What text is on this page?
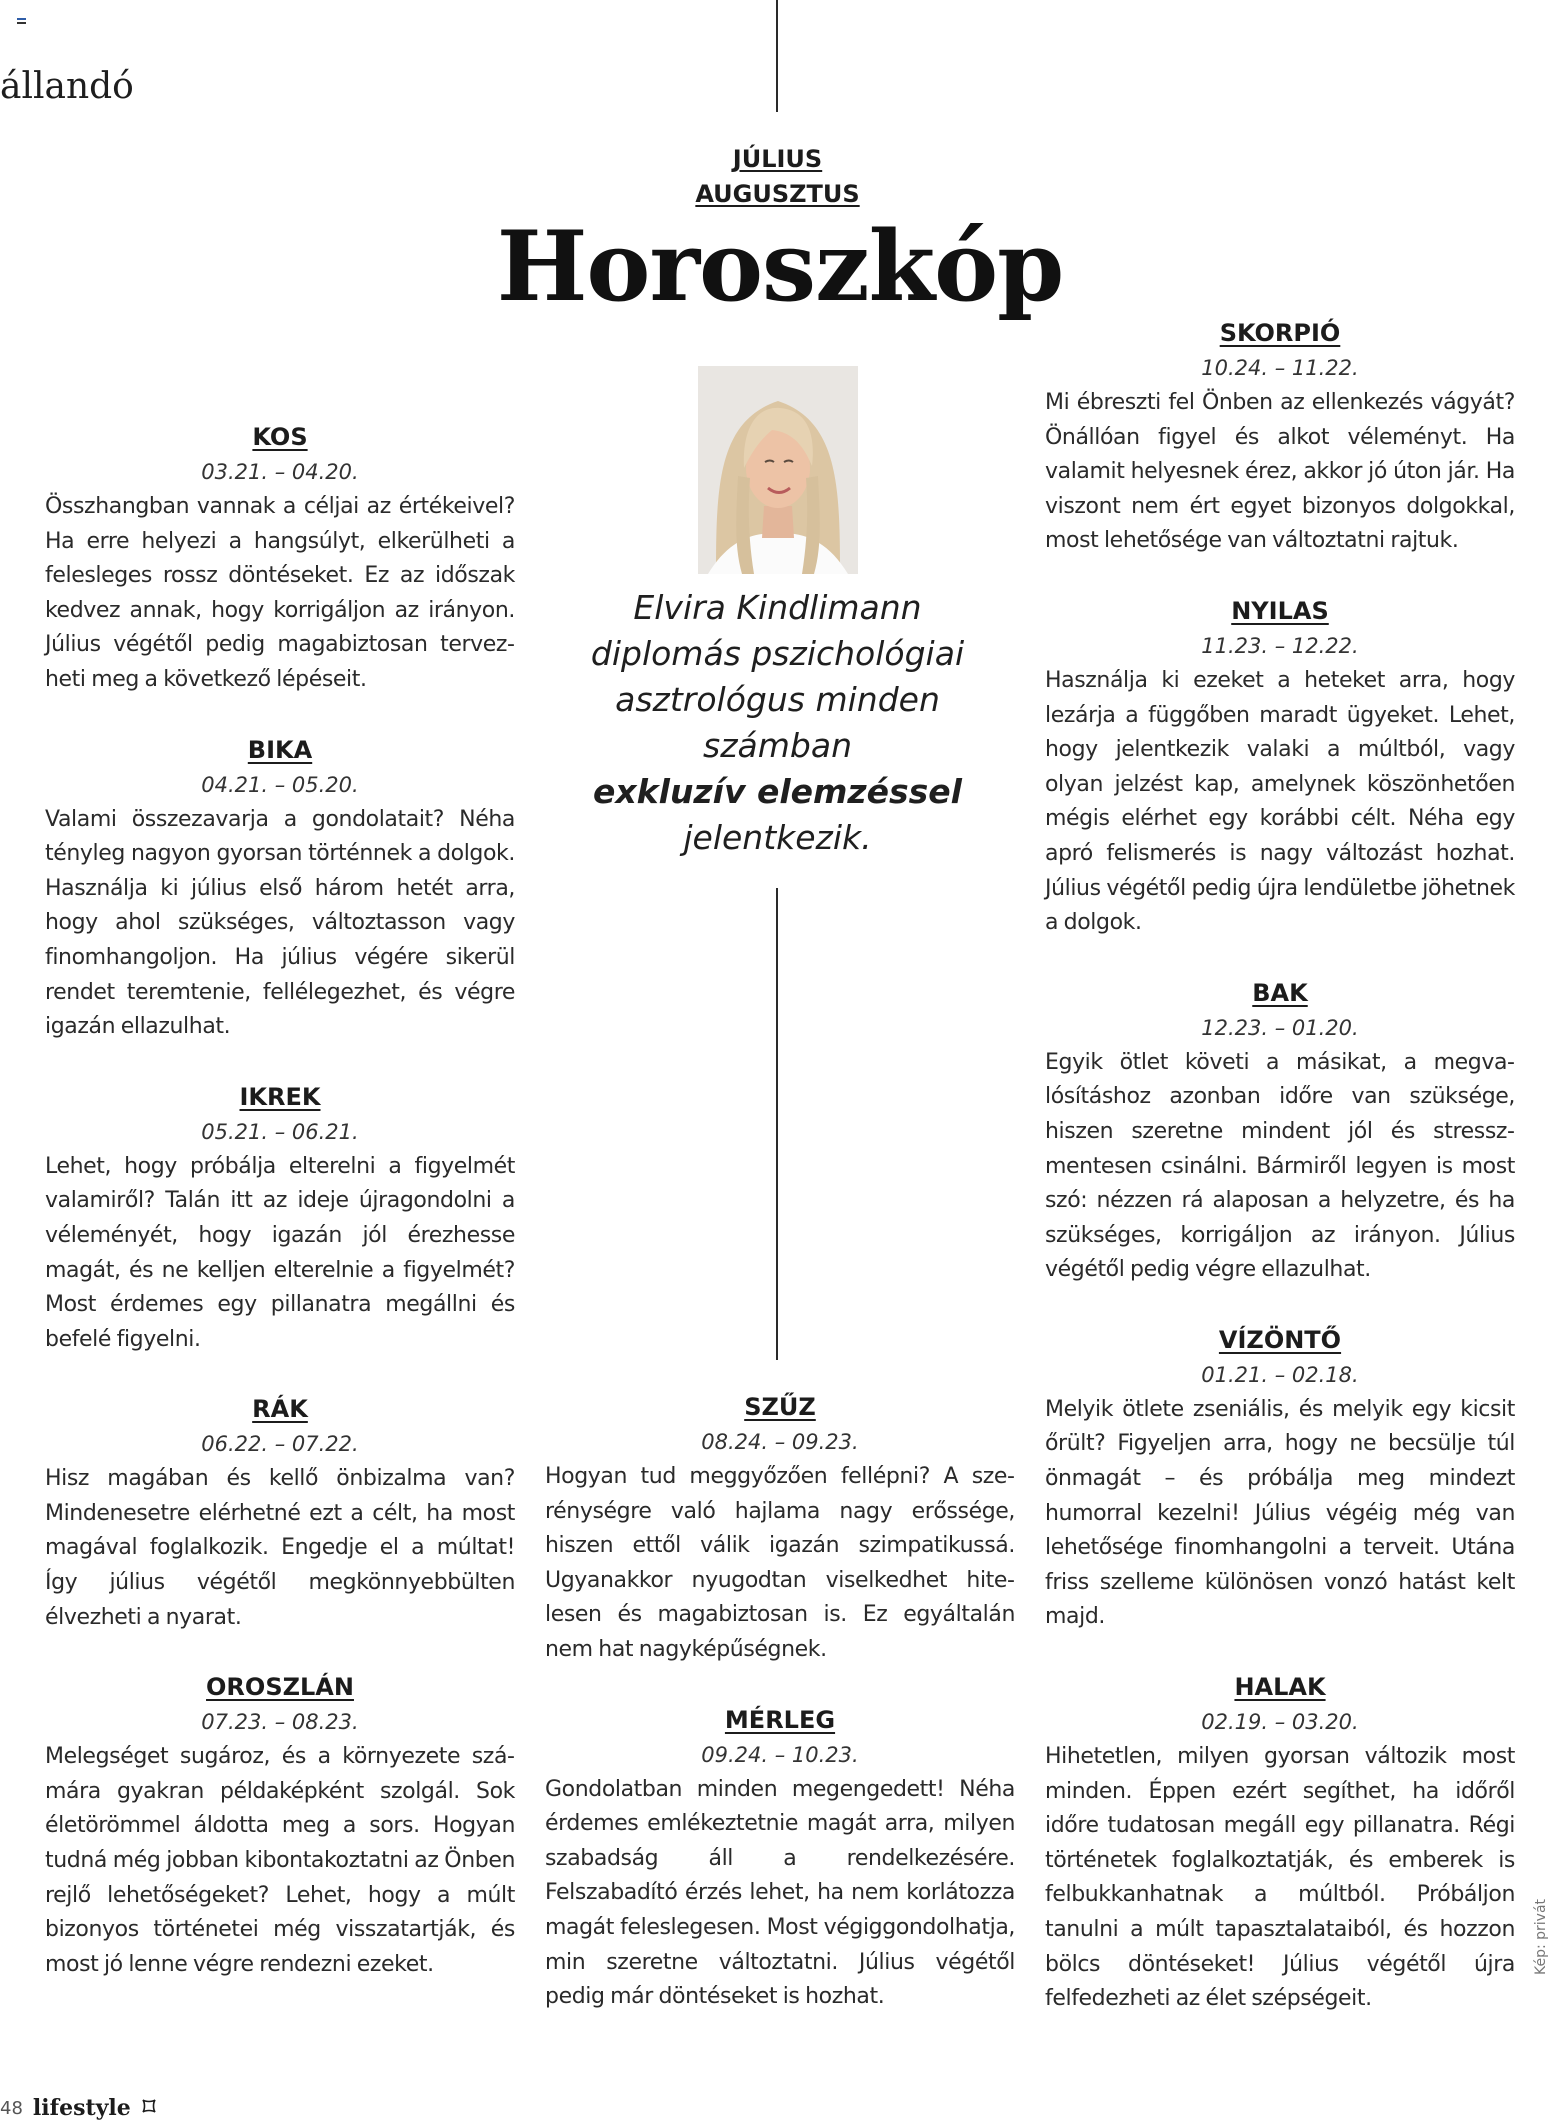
állandó
JÚLIUS
AUGUSZTUS
Horoszkóp

Elvira Kindlimann
diplomás pszichológiai
asztrológus minden
számban
exkluzív elemzéssel
jelentkezik.

KOS
03.21. – 04.20.

Összhangban vannak a céljai az értékeivel? Ha erre helyezi a hangsúlyt, elkerülheti a felesleges rossz döntéseket. Ez az időszak kedvez annak, hogy korrigáljon az irányon. Július végétől pedig magabiztosan tervezheti meg a következő lépéseit.

BIKA
04.21. – 05.20.

Valami összezavarja a gondolatait? Néha tényleg nagyon gyorsan történnek a dolgok. Használja ki július első három hetét arra, hogy ahol szükséges, változtasson vagy finomhangoljon. Ha július végére sikerül rendet teremtenie, fellélegezhet, és végre igazán ellazulhat.

IKREK
05.21. – 06.21.

Lehet, hogy próbálja elterelni a figyelmét valamiről? Talán itt az ideje újragondolni a véleményét, hogy igazán jól érezhesse magát, és ne kelljen elterelnie a figyelmét? Most érdemes egy pillanatra megállni és befelé figyelni.

RÁK
06.22. – 07.22.

Hisz magában és kellő önbizalma van? Mindenesetre elérhetné ezt a célt, ha most magával foglalkozik. Engedje el a múltat! Így július végétől megkönnyebbülten élvezheti a nyarat.

OROSZLÁN
07.23. – 08.23.

Melegséget sugároz, és a környezete számára gyakran példaképként szolgál. Sok életörömmel áldotta meg a sors. Hogyan tudná még jobban kibontakoztatni az Önben rejlő lehetőségeket? Lehet, hogy a múlt bizonyos történetei még visszatartják, és most jó lenne végre rendezni ezeket.

SZŰZ
08.24. – 09.23.

Hogyan tud meggyőzően fellépni? A szerénységre való hajlama nagy erőssége, hiszen ettől válik igazán szimpatikussá. Ugyanakkor nyugodtan viselkedhet hitelesen és magabiztosan is. Ez egyáltalán nem hat nagyképűségnek.

MÉRLEG
09.24. – 10.23.

Gondolatban minden megengedett! Néha érdemes emlékeztetnie magát arra, milyen szabadság áll a rendelkezésére. Felszabadító érzés lehet, ha nem korlátozza magát feleslegesen. Most végiggondolhatja, min szeretne változtatni. Július végétől pedig már döntéseket is hozhat.

SKORPIÓ
10.24. – 11.22.

Mi ébreszti fel Önben az ellenkezés vágyát? Önállóan figyel és alkot véleményt. Ha valamit helyesnek érez, akkor jó úton jár. Ha viszont nem ért egyet bizonyos dolgokkal, most lehetősége van változtatni rajtuk.

NYILAS
11.23. – 12.22.

Használja ki ezeket a heteket arra, hogy lezárja a függőben maradt ügyeket. Lehet, hogy jelentkezik valaki a múltból, vagy olyan jelzést kap, amelynek köszönhetően mégis elérhet egy korábbi célt. Néha egy apró felismerés is nagy változást hozhat. Július végétől pedig újra lendületbe jöhetnek a dolgok.

BAK
12.23. – 01.20.

Egyik ötlet követi a másikat, a megvalósításhoz azonban időre van szüksége, hiszen szeretne mindent jól és stresszmentesen csinálni. Bármiről legyen is most szó: nézzen rá alaposan a helyzetre, és ha szükséges, korrigáljon az irányon. Július végétől pedig végre ellazulhat.

VÍZÖNTŐ
01.21. – 02.18.

Melyik ötlete zseniális, és melyik egy kicsit őrült? Figyeljen arra, hogy ne becsülje túl önmagát – és próbálja meg mindezt humorral kezelni! Július végéig még van lehetősége finomhangolni a terveit. Utána friss szelleme különösen vonzó hatást kelt majd.

HALAK
02.19. – 03.20.

Hihetetlen, milyen gyorsan változik most minden. Éppen ezért segíthet, ha időről időre tudatosan megáll egy pillanatra. Régi történetek foglalkoztatják, és emberek is felbukkanhatnak a múltból. Próbáljon tanulni a múlt tapasztalataiból, és hozzon bölcs döntéseket! Július végétől újra felfedezheti az élet szépségeit.

Kép: privát
48 lifestyle
